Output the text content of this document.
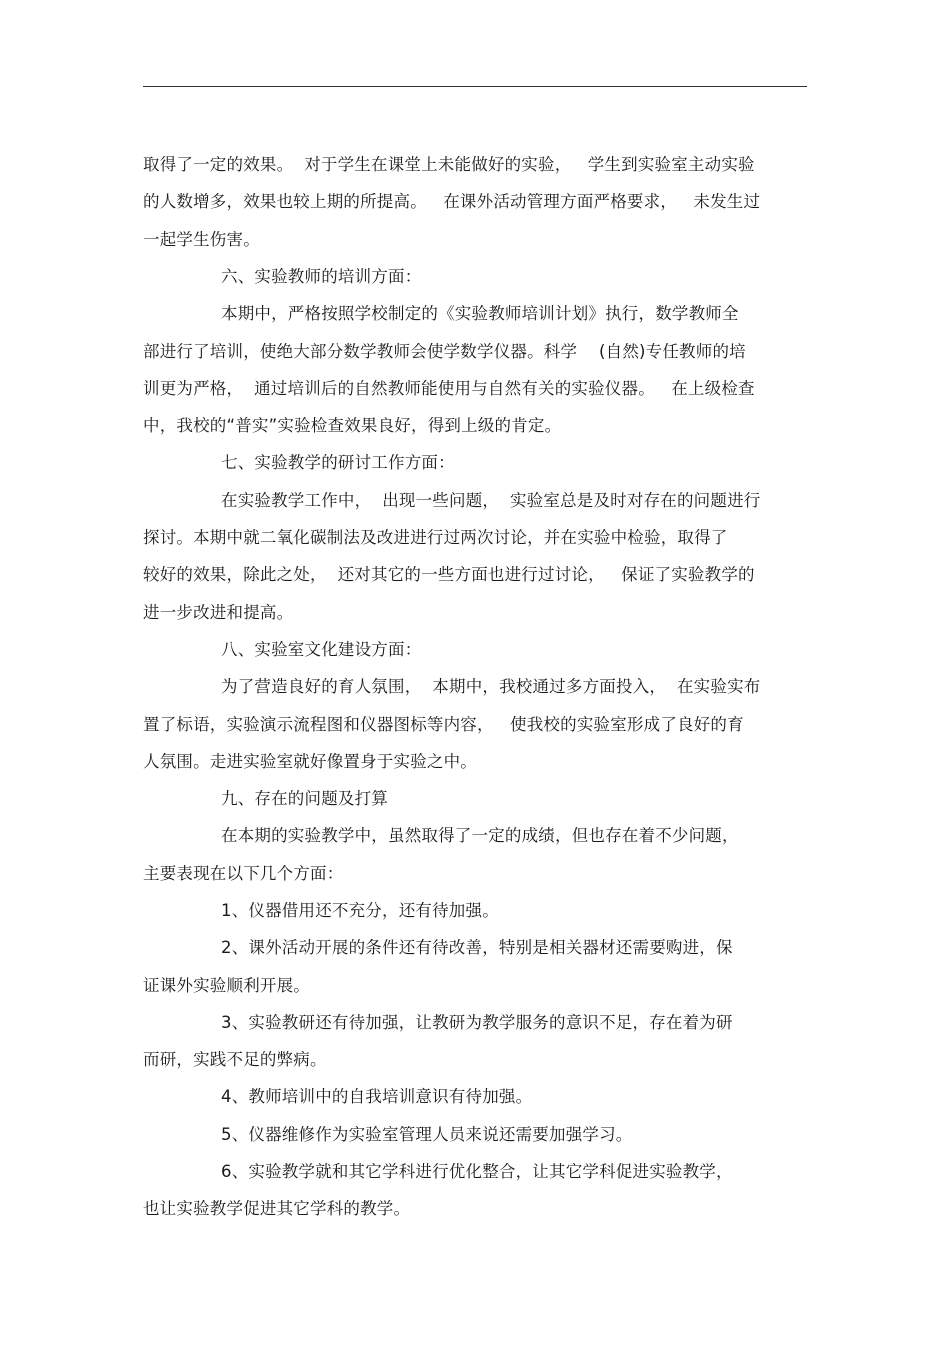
取得了一定的效果。  对于学生在课堂上未能做好的实验，   学生到实验室主动实验
的人数增多，效果也较上期的所提高。   在课外活动管理方面严格要求，   未发生过
一起学生伤害。
六、实验教师的培训方面：
本期中，严格按照学校制定的《实验教师培训计划》执行，数学教师全
部进行了培训，使绝大部分数学教师会使学数学仪器。科学    (自然)专任教师的培
训更为严格，  通过培训后的自然教师能使用与自然有关的实验仪器。   在上级检查
中，我校的“普实”实验检查效果良好，得到上级的肯定。
七、实验教学的研讨工作方面：
在实验教学工作中，  出现一些问题，  实验室总是及时对存在的问题进行
探讨。本期中就二氧化碳制法及改进进行过两次讨论，并在实验中检验，取得了
较好的效果，除此之处，  还对其它的一些方面也进行过讨论，   保证了实验教学的
进一步改进和提高。
八、实验室文化建设方面：
为了营造良好的育人氛围，  本期中，我校通过多方面投入，  在实验实布
置了标语，实验演示流程图和仪器图标等内容，   使我校的实验室形成了良好的育
人氛围。走进实验室就好像置身于实验之中。
九、存在的问题及打算
在本期的实验教学中，虽然取得了一定的成绩，但也存在着不少问题，
主要表现在以下几个方面：
1、仪器借用还不充分，还有待加强。
2、课外活动开展的条件还有待改善，特别是相关器材还需要购进，保
证课外实验顺利开展。
3、实验教研还有待加强，让教研为教学服务的意识不足，存在着为研
而研，实践不足的弊病。
4、教师培训中的自我培训意识有待加强。
5、仪器维修作为实验室管理人员来说还需要加强学习。
6、实验教学就和其它学科进行优化整合，让其它学科促进实验教学，
也让实验教学促进其它学科的教学。
